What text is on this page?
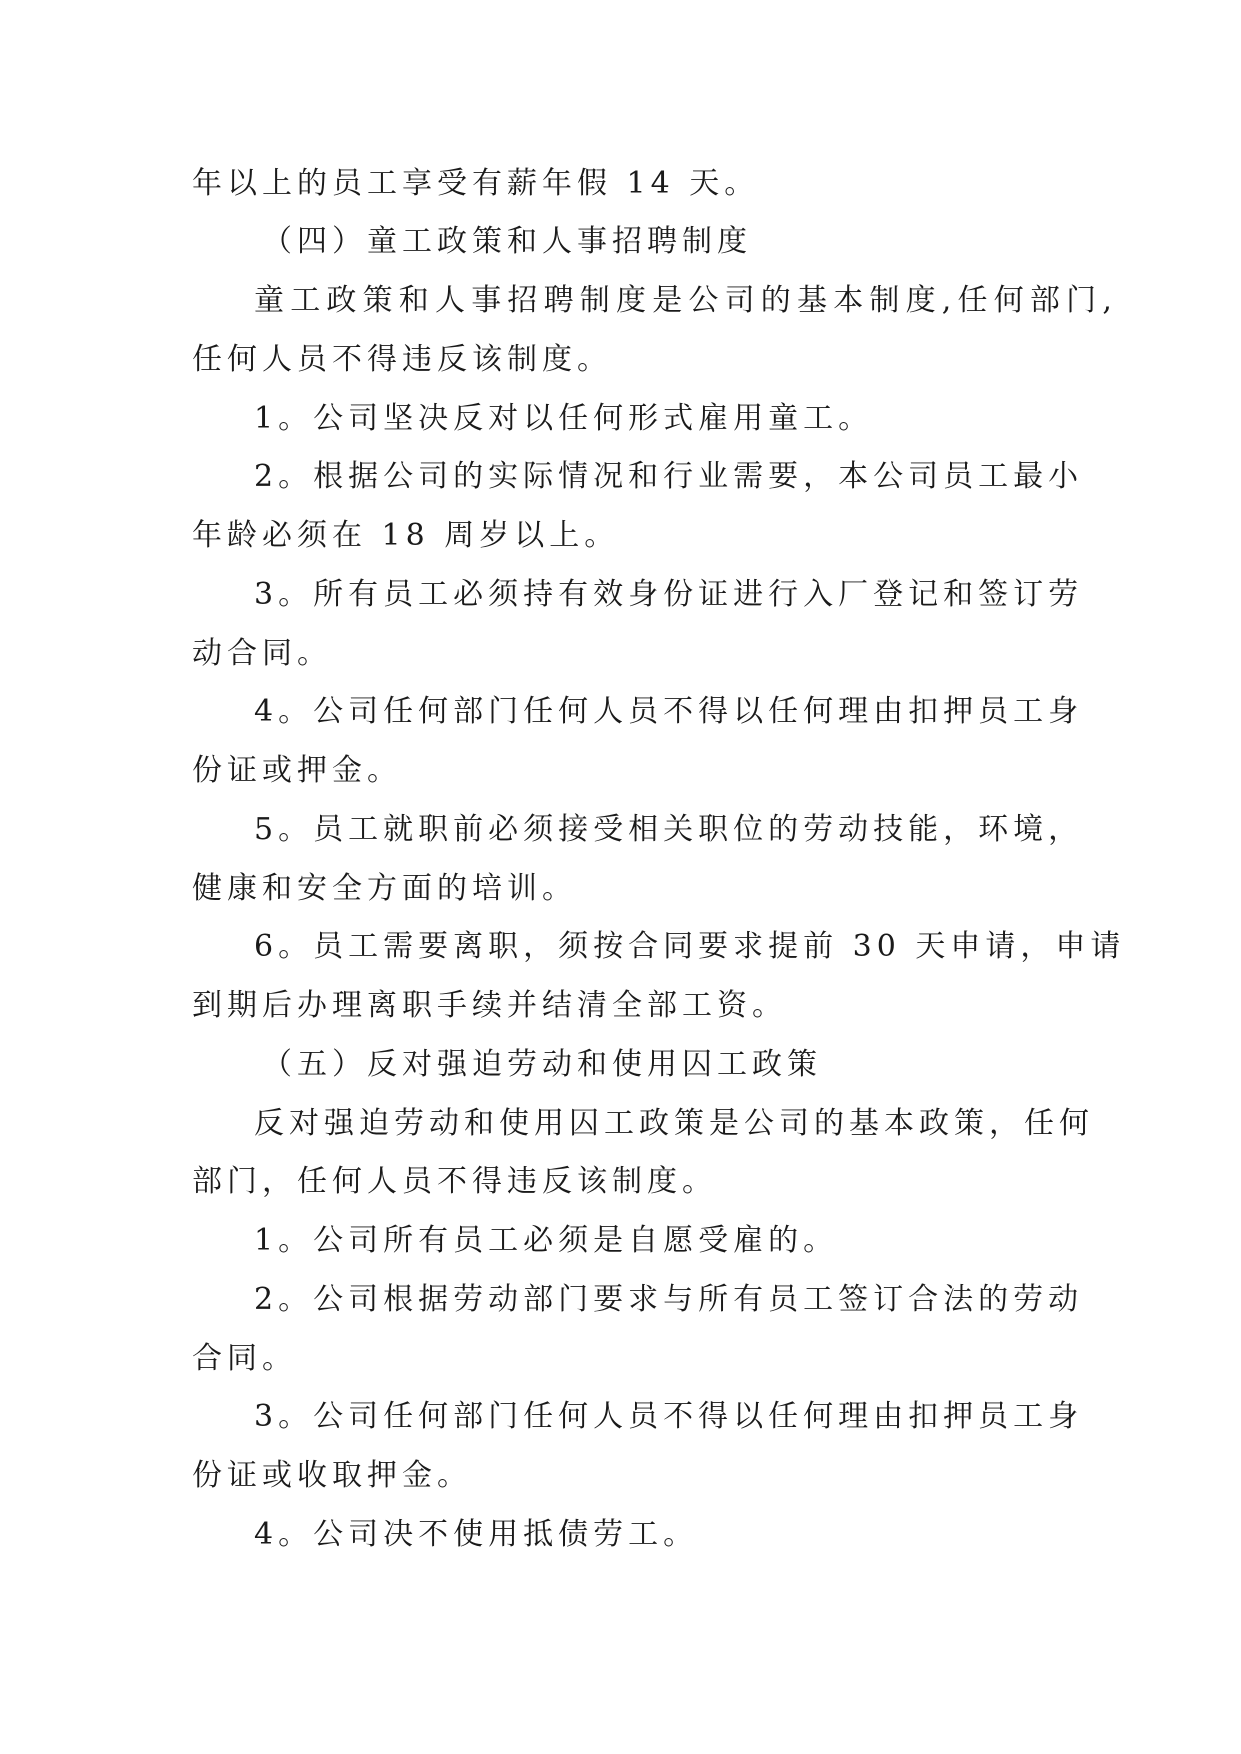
年以上的员工享受有薪年假 14 天。
（四）童工政策和人事招聘制度
童工政策和人事招聘制度是公司的基本制度,任何部门,
任何人员不得违反该制度。
1。公司坚决反对以任何形式雇用童工。
2。根据公司的实际情况和行业需要，本公司员工最小
年龄必须在 18 周岁以上。
3。所有员工必须持有效身份证进行入厂登记和签订劳
动合同。
4。公司任何部门任何人员不得以任何理由扣押员工身
份证或押金。
5。员工就职前必须接受相关职位的劳动技能，环境，
健康和安全方面的培训。
6。员工需要离职，须按合同要求提前 30 天申请，申请
到期后办理离职手续并结清全部工资。
（五）反对强迫劳动和使用囚工政策
反对强迫劳动和使用囚工政策是公司的基本政策，任何
部门，任何人员不得违反该制度。
1。公司所有员工必须是自愿受雇的。
2。公司根据劳动部门要求与所有员工签订合法的劳动
合同。
3。公司任何部门任何人员不得以任何理由扣押员工身
份证或收取押金。
4。公司决不使用抵债劳工。
